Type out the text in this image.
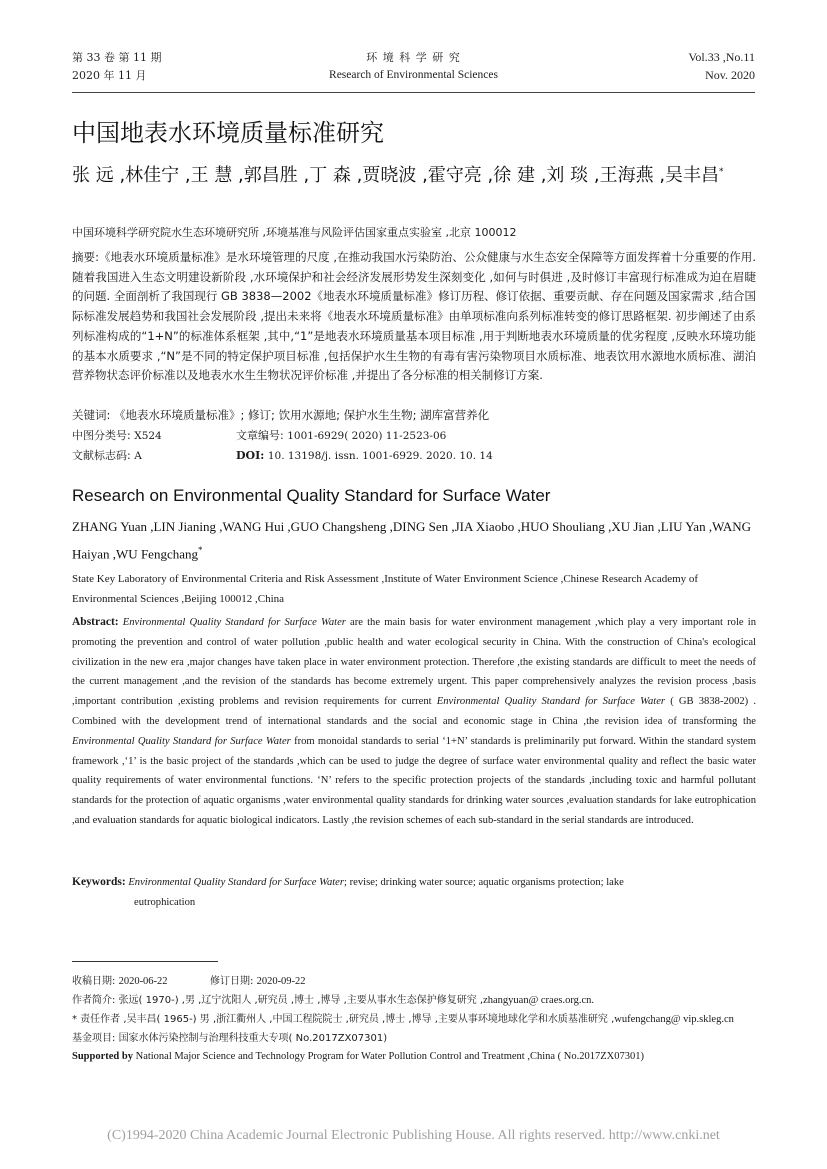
第 33 卷 第 11 期
2020 年 11 月
环 境 科 学 研 究
Research of Environmental Sciences
Vol.33 ,No.11
Nov. 2020
中国地表水环境质量标准研究
张 远 ,林佳宁 ,王 慧 ,郭昌胜 ,丁 森 ,贾晓波 ,霍守亮 ,徐 建 ,刘 琰 ,王海燕 ,吴丰昌*
中国环境科学研究院水生态环境研究所 ,环境基准与风险评估国家重点实验室 ,北京 100012
摘要:《地表水环境质量标准》是水环境管理的尺度 ,在推动我国水污染防治、公众健康与水生态安全保障等方面发挥着十分重要的作用. 随着我国进入生态文明建设新阶段 ,水环境保护和社会经济发展形势发生深刻变化 ,如何与时俱进 ,及时修订丰富现行标准成为迫在眉睫的问题. 全面剖析了我国现行 GB 3838—2002《地表水环境质量标准》修订历程、修订依据、重要贡献、存在问题及国家需求 ,结合国际标准发展趋势和我国社会发展阶段 ,提出未来将《地表水环境质量标准》由单项标准向系列标准转变的修订思路框架. 初步阐述了由系列标准构成的“1+N”的标准体系框架 ,其中,“1”是地表水环境质量基本项目标准 ,用于判断地表水环境质量的优劣程度 ,反映水环境功能的基本水质要求 ,“N”是不同的特定保护项目标准 ,包括保护水生生物的有毒有害污染物项目水质标准、地表饮用水源地水质标准、湖泊营养物状态评价标准以及地表水水生生物状况评价标准 ,并提出了各分标准的相关制修订方案.
关键词: 《地表水环境质量标准》; 修订; 饮用水源地; 保护水生生物; 湖库富营养化
中图分类号: X524	文章编号: 1001-6929( 2020) 11-2523-06
文献标志码: A	DOI: 10. 13198/j. issn. 1001-6929. 2020. 10. 14
Research on Environmental Quality Standard for Surface Water
ZHANG Yuan ,LIN Jianing ,WANG Hui ,GUO Changsheng ,DING Sen ,JIA Xiaobo ,HUO Shouliang ,XU Jian ,LIU Yan ,WANG Haiyan ,WU Fengchang*
State Key Laboratory of Environmental Criteria and Risk Assessment ,Institute of Water Environment Science ,Chinese Research Academy of Environmental Sciences ,Beijing 100012 ,China
Abstract: Environmental Quality Standard for Surface Water are the main basis for water environment management ,which play a very important role in promoting the prevention and control of water pollution ,public health and water ecological security in China. With the construction of China's ecological civilization in the new era ,major changes have taken place in water environment protection. Therefore ,the existing standards are difficult to meet the needs of the current management ,and the revision of the standards has become extremely urgent. This paper comprehensively analyzes the revision process ,basis ,important contribution ,existing problems and revision requirements for current Environmental Quality Standard for Surface Water ( GB 3838-2002) . Combined with the development trend of international standards and the social and economic stage in China ,the revision idea of transforming the Environmental Quality Standard for Surface Water from monoidal standards to serial ‘1+N’ standards is preliminarily put forward. Within the standard system framework ,‘1’ is the basic project of the standards ,which can be used to judge the degree of surface water environmental quality and reflect the basic water quality requirements of water environmental functions. ‘N’ refers to the specific protection projects of the standards ,including toxic and harmful pollutant standards for the protection of aquatic organisms ,water environmental quality standards for drinking water sources ,evaluation standards for lake eutrophication ,and evaluation standards for aquatic biological indicators. Lastly ,the revision schemes of each sub-standard in the serial standards are introduced.
Keywords: Environmental Quality Standard for Surface Water; revise; drinking water source; aquatic organisms protection; lake
eutrophication
收稿日期: 2020-06-22	修订日期: 2020-09-22
作者简介: 张远( 1970-) ,男 ,辽宁沈阳人 ,研究员 ,博士 ,博导 ,主要从事水生态保护修复研究 ,zhangyuan@ craes.org.cn.
* 责任作者 ,吴丰昌( 1965-) 男 ,浙江衢州人 ,中国工程院院士 ,研究员 ,博士 ,博导 ,主要从事环境地球化学和水质基准研究 ,wufengchang@ vip.skleg.cn
基金项目: 国家水体污染控制与治理科技重大专项( No.2017ZX07301)
Supported by National Major Science and Technology Program for Water Pollution Control and Treatment ,China ( No.2017ZX07301)
(C)1994-2020 China Academic Journal Electronic Publishing House. All rights reserved. http://www.cnki.net
